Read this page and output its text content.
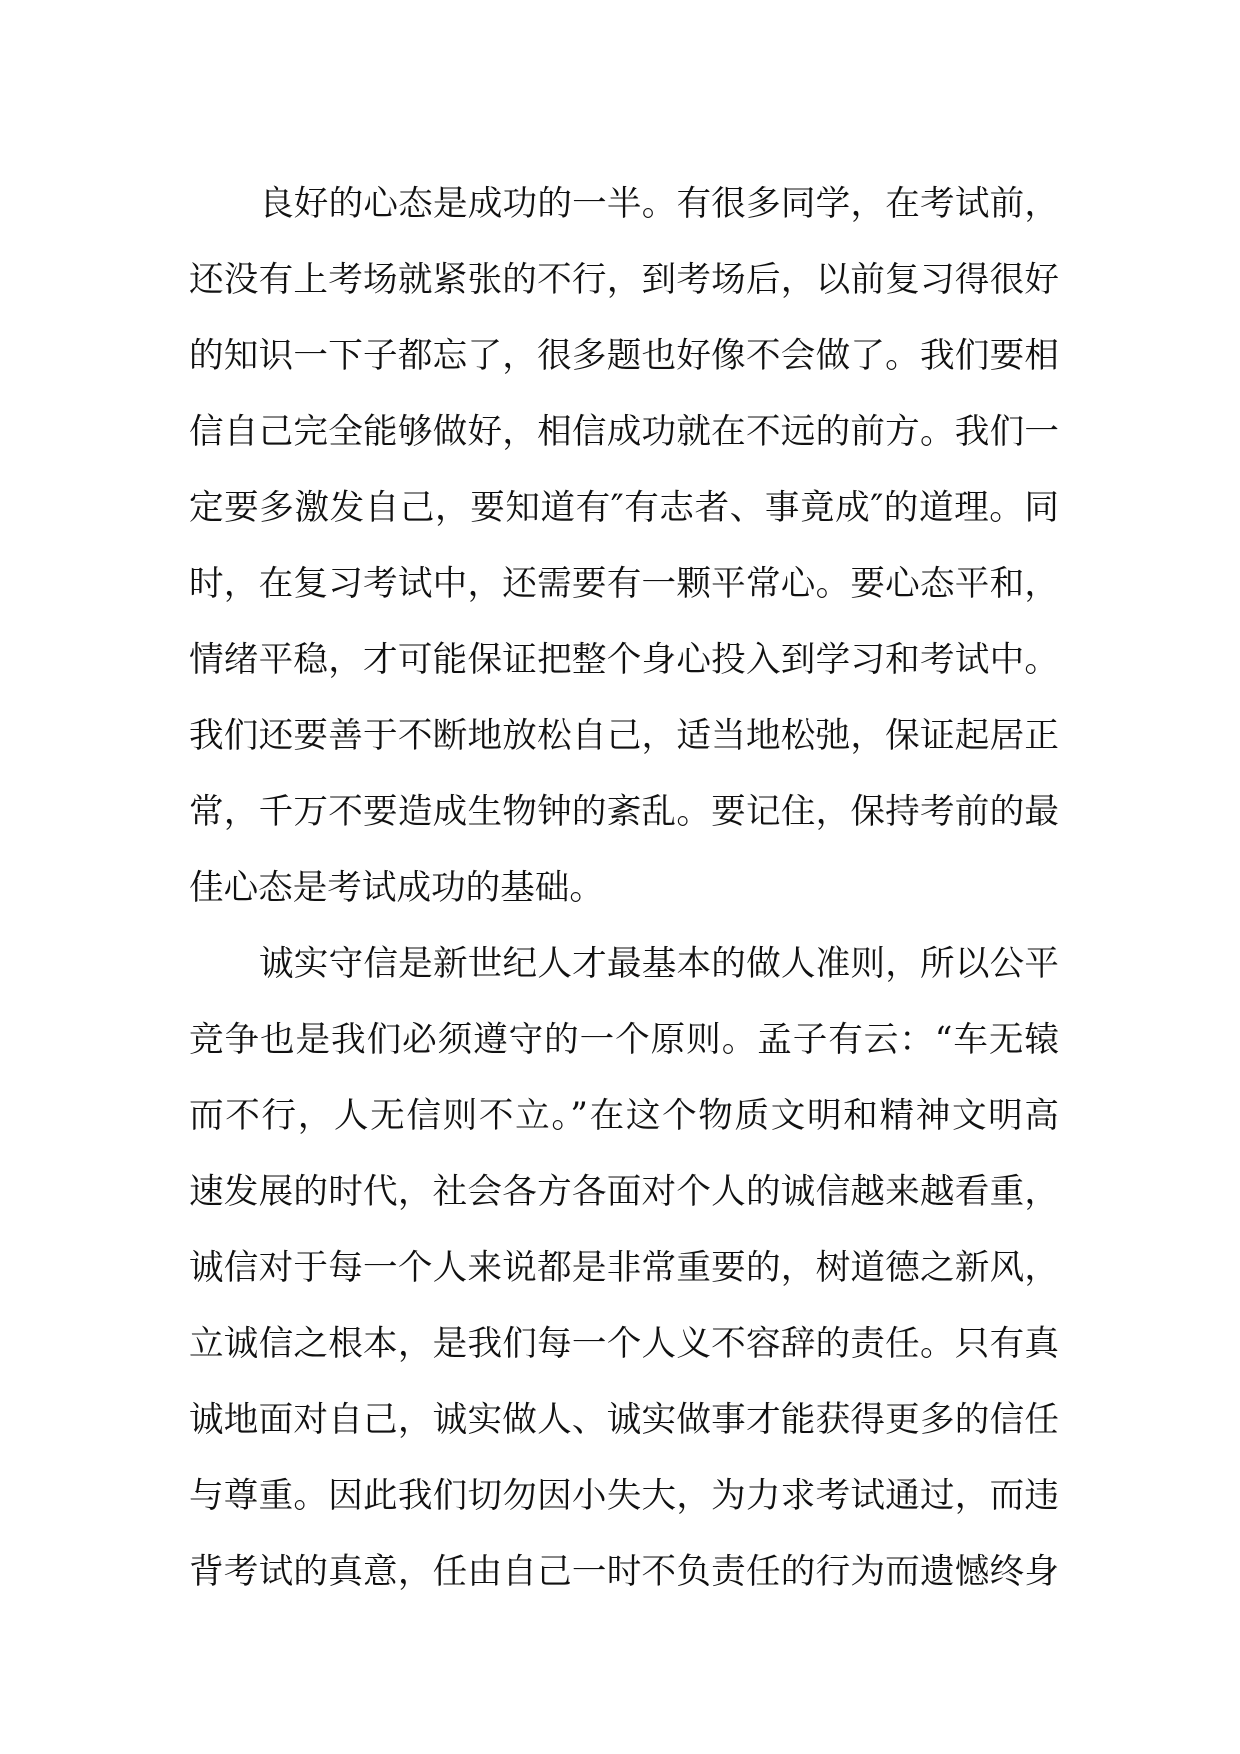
良好的心态是成功的一半。有很多同学，在考试前，
还没有上考场就紧张的不行，到考场后，以前复习得很好
的知识一下子都忘了，很多题也好像不会做了。我们要相
信自己完全能够做好，相信成功就在不远的前方。我们一
定要多激发自己，要知道有″有志者、事竟成″的道理。同
时，在复习考试中，还需要有一颗平常心。要心态平和，
情绪平稳，才可能保证把整个身心投入到学习和考试中。
我们还要善于不断地放松自己，适当地松弛，保证起居正
常，千万不要造成生物钟的紊乱。要记住，保持考前的最
佳心态是考试成功的基础。
诚实守信是新世纪人才最基本的做人准则，所以公平
竞争也是我们必须遵守的一个原则。孟子有云：“车无辕
而不行，人无信则不立。”在这个物质文明和精神文明高
速发展的时代，社会各方各面对个人的诚信越来越看重，
诚信对于每一个人来说都是非常重要的，树道德之新风，
立诚信之根本，是我们每一个人义不容辞的责任。只有真
诚地面对自己，诚实做人、诚实做事才能获得更多的信任
与尊重。因此我们切勿因小失大，为力求考试通过，而违
背考试的真意，任由自己一时不负责任的行为而遗憾终身
